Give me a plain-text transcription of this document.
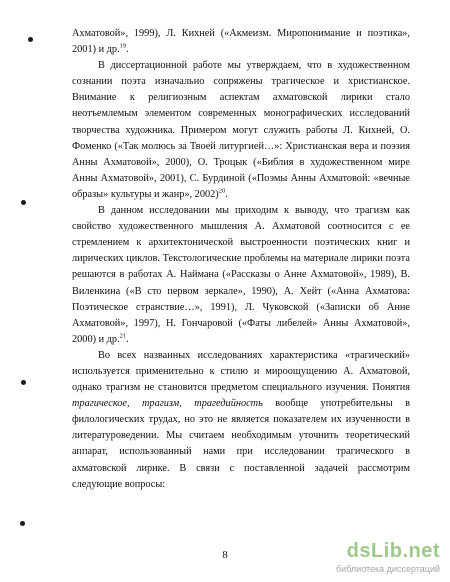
Ахматовой», 1999), Л. Кихней («Акмеизм. Миропонимание и поэтика», 2001) и др.$^{19}$.

В диссертационной работе мы утверждаем, что в художественном сознании поэта изначально сопряжены трагическое и христианское. Внимание к религиозным аспектам ахматовской лирики стало неотъемлемым элементом современных монографических исследований творчества художника. Примером могут служить работы Л. Кихней, О. Фоменко («Так молюсь за Твоей литургией…»: Христианская вера и поэзия Анны Ахматовой», 2000), О. Троцык («Библия в художественном мире Анны Ахматовой», 2001), С. Бурдиной («Поэмы Анны Ахматовой: «вечные образы» культуры и жанр», 2002)$^{20}$.

В данном исследовании мы приходим к выводу, что трагизм как свойство художественного мышления А. Ахматовой соотносится с ее стремлением к архитектонической выстроенности поэтических книг и лирических циклов. Текстологические проблемы на материале лирики поэта решаются в работах А. Наймана («Рассказы о Анне Ахматовой», 1989), В. Виленкина («В сто первом зеркале», 1990), А. Хейт («Анна Ахматова: Поэтическое странствие…», 1991), Л. Чуковской («Записки об Анне Ахматовой», 1997), Н. Гончаровой («Фаты либелей» Анны Ахматовой», 2000) и др.$^{21}$.

Во всех названных исследованиях характеристика «трагический» используется применительно к стилю и мироощущению А. Ахматовой, однако трагизм не становится предметом специального изучения. Понятия трагическое, трагизм, трагедийность вообще употребительны в филологических трудах, но это не является показателем их изученности в литературоведении. Мы считаем необходимым уточнить теоретический аппарат, использованный нами при исследовании трагического в ахматовской лирике. В связи с поставленной задачей рассмотрим следующие вопросы:

8	dsLib.net
библиотека диссертаций
